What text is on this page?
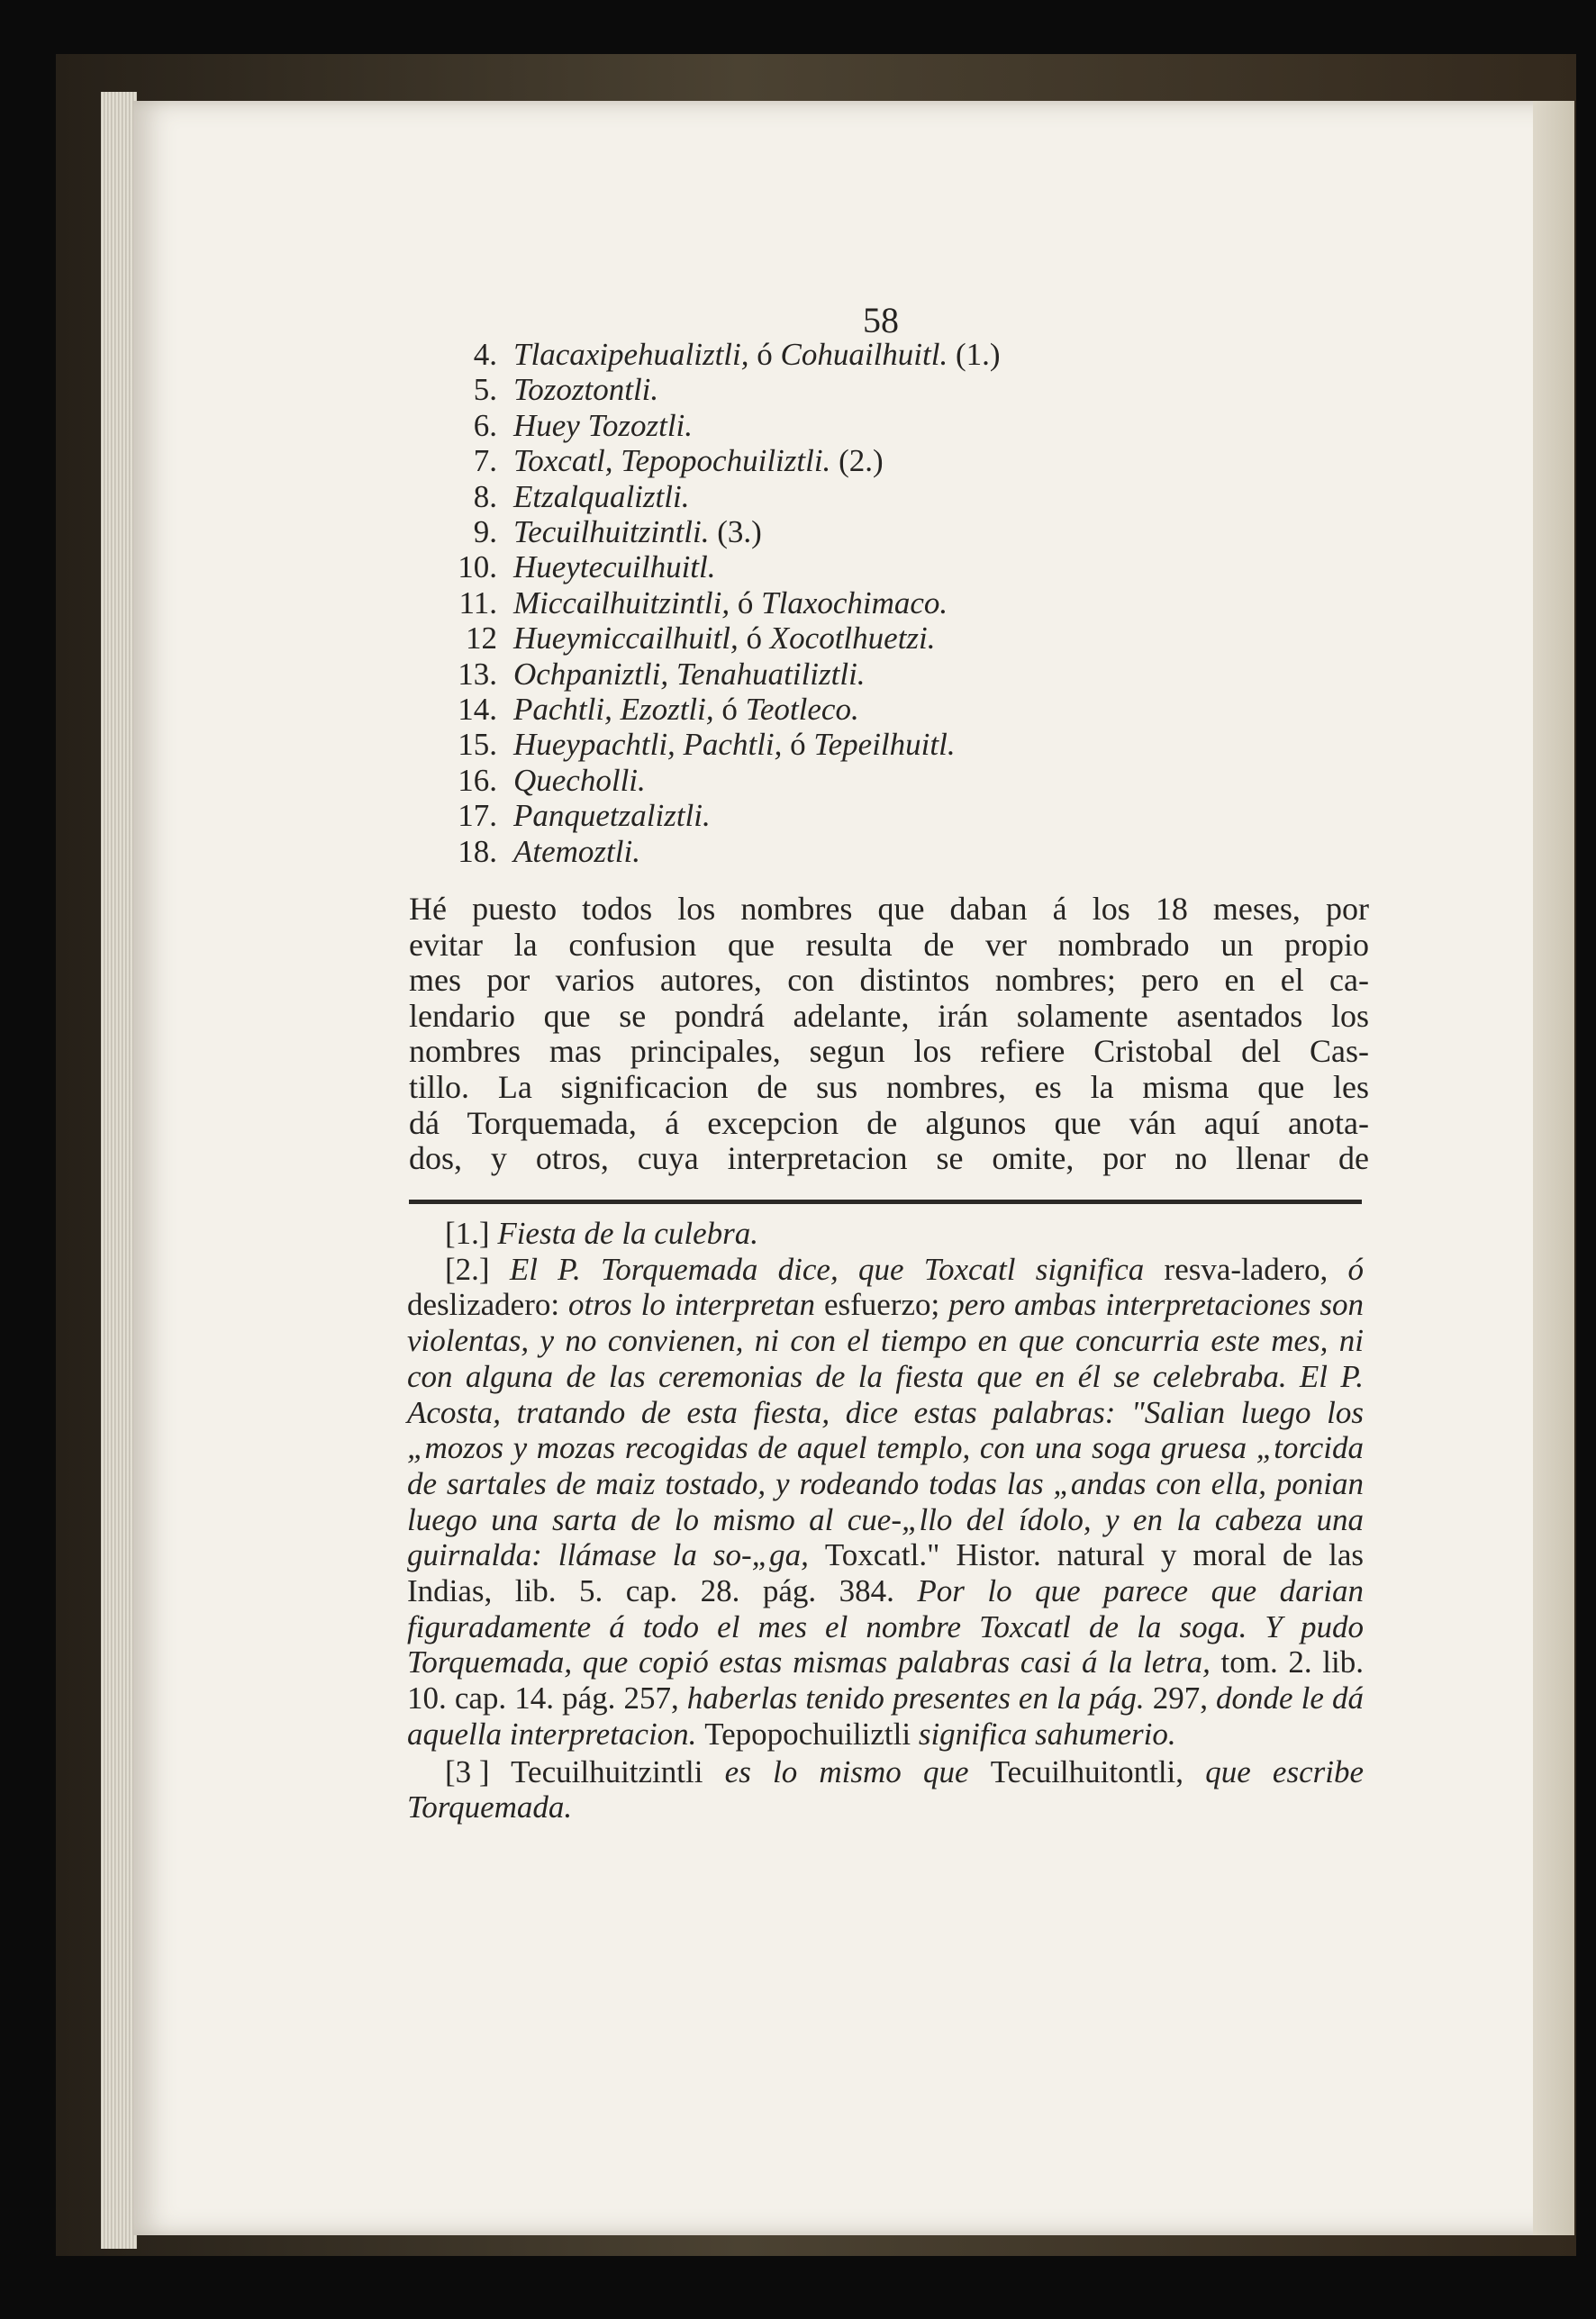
58
4. Tlacaxipehualiztli, ó Cohuailhuitl. (1.)
5. Tozoztontli.
6. Huey Tozoztli.
7. Toxcatl, Tepopochuiliztli. (2.)
8. Etzalqualiztli.
9. Tecuilhuitzintli. (3.)
10. Hueytecuilhuitl.
11. Miccailhuitzintli, ó Tlaxochimaco.
12 Hueymiccailhuitl, ó Xocotlhuetzi.
13. Ochpaniztli, Tenahuatiliztli.
14. Pachtli, Ezoztli, ó Teotleco.
15. Hueypachtli, Pachtli, ó Tepeilhuitl.
16. Quecholli.
17. Panquetzaliztli.
18. Atemoztli.

Hé puesto todos los nombres que daban á los 18 meses, por
evitar la confusion que resulta de ver nombrado un propio
mes por varios autores, con distintos nombres; pero en el ca-
lendario que se pondrá adelante, irán solamente asentados los
nombres mas principales, segun los refiere Cristobal del Cas-
tillo. La significacion de sus nombres, es la misma que les
dá Torquemada, á excepcion de algunos que ván aquí anota-
dos, y otros, cuya interpretacion se omite, por no llenar de

[1.] Fiesta de la culebra.

[2.] El P. Torquemada dice, que Toxcatl significa resva-ladero, ó deslizadero: otros lo interpretan esfuerzo; pero ambas interpretaciones son violentas, y no convienen, ni con el tiempo en que concurria este mes, ni con alguna de las ceremonias de la fiesta que en él se celebraba. El P. Acosta, tratando de esta fiesta, dice estas palabras: "Salian luego los „mozos y mozas recogidas de aquel templo, con una soga gruesa „torcida de sartales de maiz tostado, y rodeando todas las „andas con ella, ponian luego una sarta de lo mismo al cue-„llo del ídolo, y en la cabeza una guirnalda: llámase la so-„ga, Toxcatl." Histor. natural y moral de las Indias, lib. 5. cap. 28. pág. 384. Por lo que parece que darian figuradamente á todo el mes el nombre Toxcatl de la soga. Y pudo Torquemada, que copió estas mismas palabras casi á la letra, tom. 2. lib. 10. cap. 14. pág. 257, haberlas tenido presentes en la pág. 297, donde le dá aquella interpretacion. Tepopochuiliztli significa sahumerio.

[3 ] Tecuilhuitzintli es lo mismo que Tecuilhuitontli, que escribe Torquemada.
